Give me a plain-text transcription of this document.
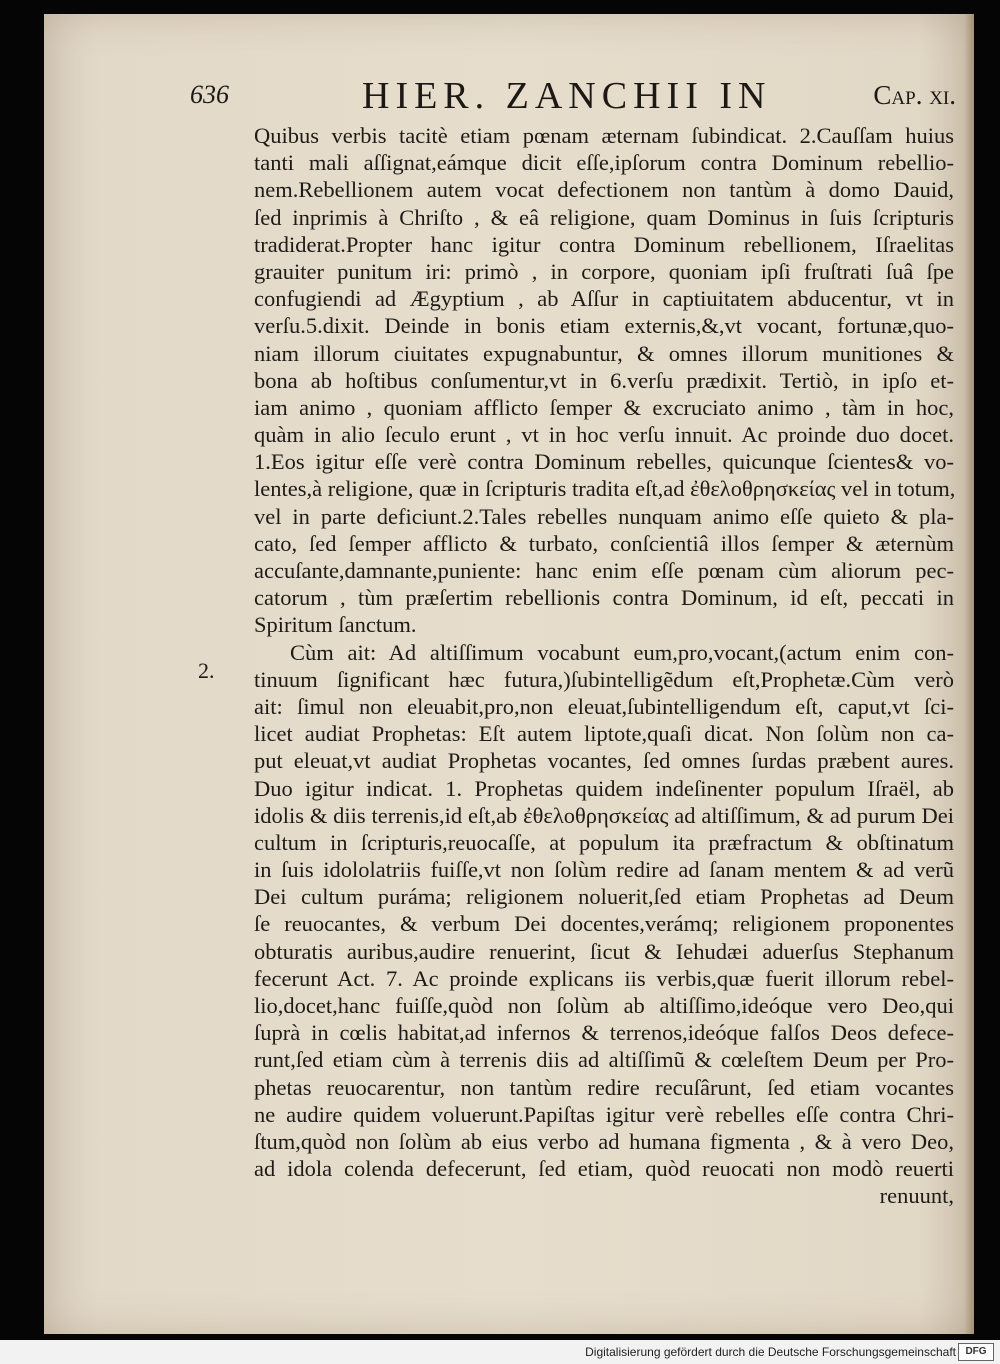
636	HIER. ZANCHII IN	Cap. xi.
2.
Quibus verbis tacitè etiam pœnam æternam ſubindicat. 2.Cauſſam huius
tanti mali aſſignat,eámque dicit eſſe,ipſorum contra Dominum rebellio-
nem.Rebellionem autem vocat defectionem non tantùm à domo Dauid,
ſed inprimis à Chriſto , & eâ religione, quam Dominus in ſuis ſcripturis
tradiderat.Propter hanc igitur contra Dominum rebellionem, Iſraelitas
grauiter punitum iri: primò , in corpore, quoniam ipſi fruſtrati ſuâ ſpe
confugiendi ad Ægyptium , ab Aſſur in captiuitatem abducentur, vt in
verſu.5.dixit. Deinde in bonis etiam externis,&,vt vocant, fortunæ,quo-
niam illorum ciuitates expugnabuntur, & omnes illorum munitiones &
bona ab hoſtibus conſumentur,vt in 6.verſu prædixit. Tertiò, in ipſo et-
iam animo , quoniam afflicto ſemper & excruciato animo , tàm in hoc,
quàm in alio ſeculo erunt , vt in hoc verſu innuit. Ac proinde duo docet.
1.Eos igitur eſſe verè contra Dominum rebelles, quicunque ſcientes& vo-
lentes,à religione, quæ in ſcripturis tradita eſt,ad ἐθελοθρησκείας vel in totum,
vel in parte deficiunt.2.Tales rebelles nunquam animo eſſe quieto & pla-
cato, ſed ſemper afflicto & turbato, conſcientiâ illos ſemper & æternùm
accuſante,damnante,puniente: hanc enim eſſe pœnam cùm aliorum pec-
catorum , tùm præſertim rebellionis contra Dominum, id eſt, peccati in
Spiritum ſanctum.
Cùm ait: Ad altiſſimum vocabunt eum,pro,vocant,(actum enim con-
tinuum ſignificant hæc futura,)ſubintelligẽdum eſt,Prophetæ.Cùm verò
ait: ſimul non eleuabit,pro,non eleuat,ſubintelligendum eſt, caput,vt ſci-
licet audiat Prophetas: Eſt autem liptote,quaſi dicat. Non ſolùm non ca-
put eleuat,vt audiat Prophetas vocantes, ſed omnes ſurdas præbent aures.
Duo igitur indicat. 1. Prophetas quidem indeſinenter populum Iſraël, ab
idolis & diis terrenis,id eſt,ab ἐθελοθρησκείας ad altiſſimum, & ad purum Dei
cultum in ſcripturis,reuocaſſe, at populum ita præfractum & obſtinatum
in ſuis idololatriis fuiſſe,vt non ſolùm redire ad ſanam mentem & ad verũ
Dei cultum puráma; religionem noluerit,ſed etiam Prophetas ad Deum
ſe reuocantes, & verbum Dei docentes,verámq; religionem proponentes
obturatis auribus,audire renuerint, ſicut & Iehudæi aduerſus Stephanum
fecerunt Act. 7. Ac proinde explicans iis verbis,quæ fuerit illorum rebel-
lio,docet,hanc fuiſſe,quòd non ſolùm ab altiſſimo,ideóque vero Deo,qui
ſuprà in cœlis habitat,ad infernos & terrenos,ideóque falſos Deos defece-
runt,ſed etiam cùm à terrenis diis ad altiſſimũ & cœleſtem Deum per Pro-
phetas reuocarentur, non tantùm redire recuſârunt, ſed etiam vocantes
ne audire quidem voluerunt.Papiſtas igitur verè rebelles eſſe contra Chri-
ſtum,quòd non ſolùm ab eius verbo ad humana figmenta , & à vero Deo,
ad idola colenda defecerunt, ſed etiam, quòd reuocati non modò reuerti
renuunt,
Digitalisierung gefördert durch die Deutsche Forschungsgemeinschaft DFG
